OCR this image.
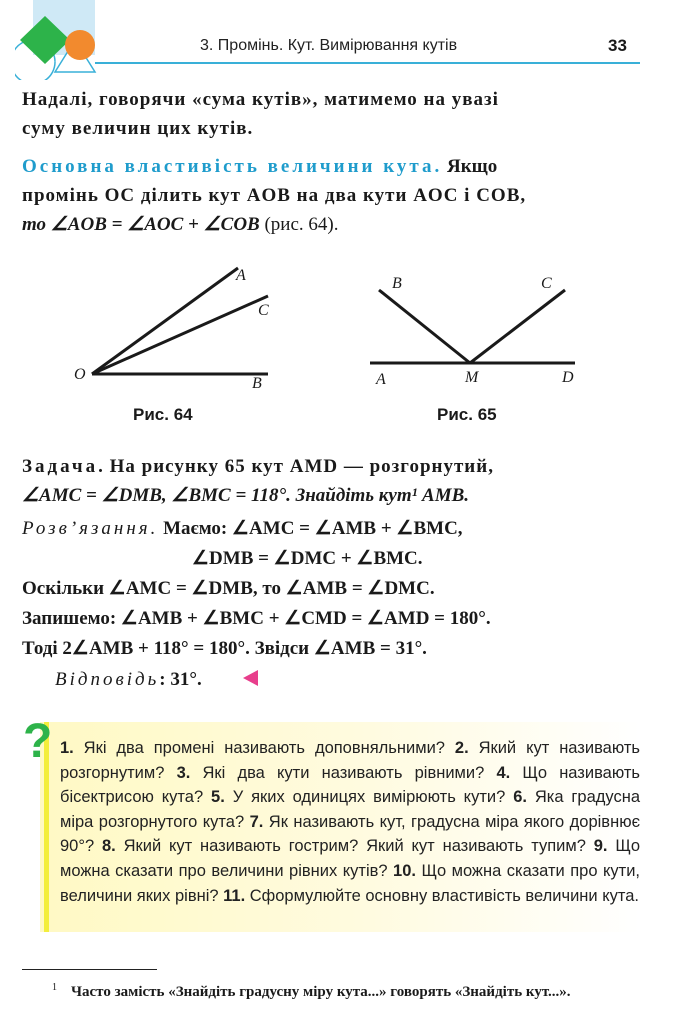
3. Промінь. Кут. Вимірювання кутів	33
Надалі, говорячи «сума кутів», матимемо на увазі
суму величин цих кутів.
Основна властивість величини кута. Якщо
промінь OC ділить кут AOB на два кути AOC і COB,
то ∠AOB = ∠AOC + ∠COB (рис. 64).
A
C
O
B
Рис. 64
B	C
A	M	D
Рис. 65
Задача. На рисунку 65 кут AMD — розгорнутий,
∠AMC = ∠DMB, ∠BMC = 118°. Знайдіть кут¹ AMB.
Розв’язання. Маємо: ∠AMC = ∠AMB + ∠BMC,
∠DMB = ∠DMC + ∠BMC.
Оскільки ∠AMC = ∠DMB, то ∠AMB = ∠DMC.
Запишемо: ∠AMB + ∠BMC + ∠CMD = ∠AMD = 180°.
Тоді 2∠AMB + 118° = 180°. Звідси ∠AMB = 31°.
Відповідь: 31°.
? 1. Які два промені називають доповняльними? 2. Який кут називають розгорнутим? 3. Які два кути називають рівними? 4. Що називають бісектрисою кута? 5. У яких одиницях вимірюють кути? 6. Яка градусна міра розгорнутого кута? 7. Як називають кут, градусна міра якого дорівнює 90°? 8. Який кут називають гострим? Який кут називають тупим? 9. Що можна сказати про величини рівних кутів? 10. Що можна сказати про кути, величини яких рівні? 11. Сформулюйте основну властивість величини кута.
$^1$ Часто замість «Знайдіть градусну міру кута...» говорять «Знайдіть кут...».
